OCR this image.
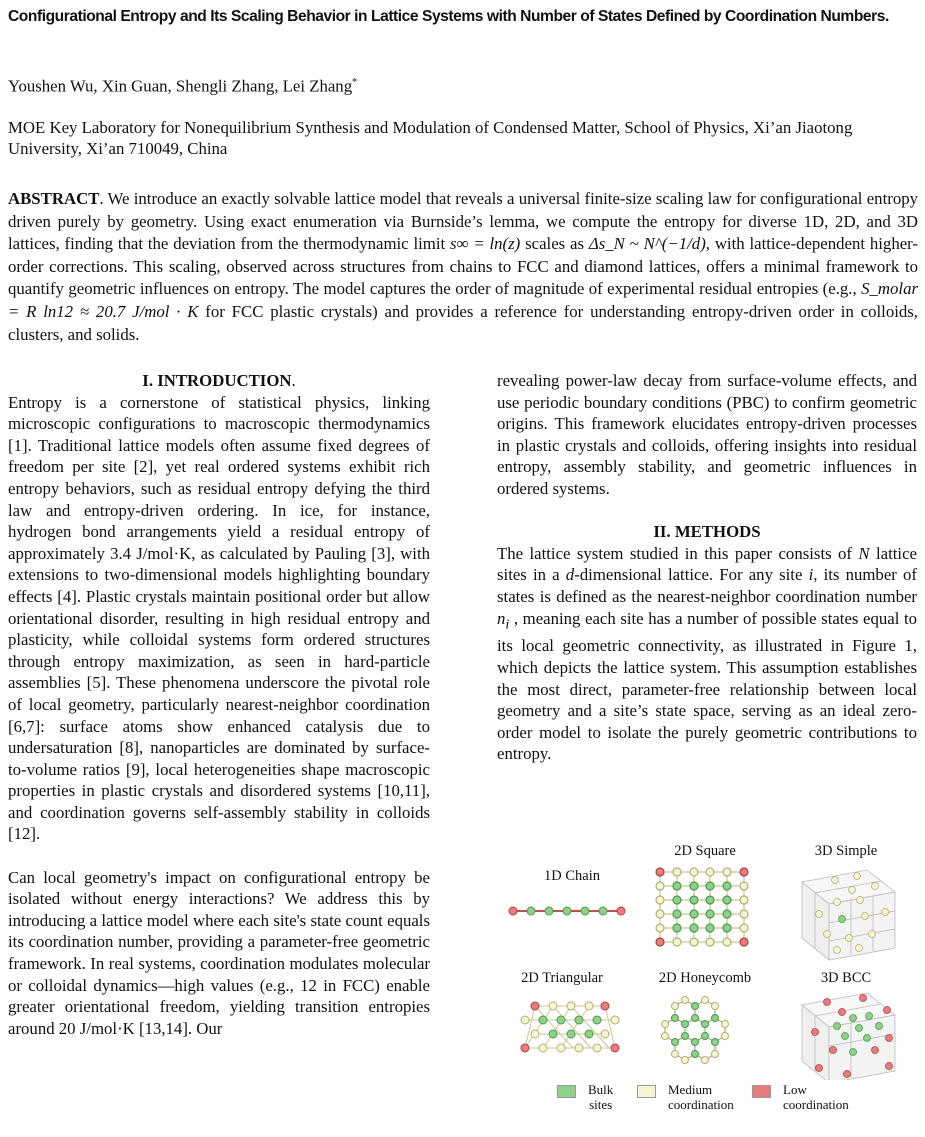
Configurational Entropy and Its Scaling Behavior in Lattice Systems with Number of States Defined by Coordination Numbers.
Youshen Wu, Xin Guan, Shengli Zhang, Lei Zhang*
MOE Key Laboratory for Nonequilibrium Synthesis and Modulation of Condensed Matter, School of Physics, Xi’an Jiaotong University, Xi’an 710049, China
ABSTRACT. We introduce an exactly solvable lattice model that reveals a universal finite-size scaling law for configurational entropy driven purely by geometry. Using exact enumeration via Burnside’s lemma, we compute the entropy for diverse 1D, 2D, and 3D lattices, finding that the deviation from the thermodynamic limit s∞ = ln(z) scales as Δs_N ~ N^(−1/d), with lattice-dependent higher-order corrections. This scaling, observed across structures from chains to FCC and diamond lattices, offers a minimal framework to quantify geometric influences on entropy. The model captures the order of magnitude of experimental residual entropies (e.g., S_molar = R ln12 ≈ 20.7 J/mol · K for FCC plastic crystals) and provides a reference for understanding entropy-driven order in colloids, clusters, and solids.
I. INTRODUCTION.

Entropy is a cornerstone of statistical physics, linking microscopic configurations to macroscopic thermodynamics [1]. Traditional lattice models often assume fixed degrees of freedom per site [2], yet real ordered systems exhibit rich entropy behaviors, such as residual entropy defying the third law and entropy-driven ordering. In ice, for instance, hydrogen bond arrangements yield a residual entropy of approximately 3.4 J/mol·K, as calculated by Pauling [3], with extensions to two-dimensional models highlighting boundary effects [4]. Plastic crystals maintain positional order but allow orientational disorder, resulting in high residual entropy and plasticity, while colloidal systems form ordered structures through entropy maximization, as seen in hard-particle assemblies [5]. These phenomena underscore the pivotal role of local geometry, particularly nearest-neighbor coordination [6,7]: surface atoms show enhanced catalysis due to undersaturation [8], nanoparticles are dominated by surface-to-volume ratios [9], local heterogeneities shape macroscopic properties in plastic crystals and disordered systems [10,11], and coordination governs self-assembly stability in colloids [12].

Can local geometry's impact on configurational entropy be isolated without energy interactions? We address this by introducing a lattice model where each site's state count equals its coordination number, providing a parameter-free geometric framework. In real systems, coordination modulates molecular or colloidal dynamics—high values (e.g., 12 in FCC) enable greater orientational freedom, yielding transition entropies around 20 J/mol·K [13,14]. Our

revealing power-law decay from surface-volume effects, and use periodic boundary conditions (PBC) to confirm geometric origins. This framework elucidates entropy-driven processes in plastic crystals and colloids, offering insights into residual entropy, assembly stability, and geometric influences in ordered systems.

II. METHODS

The lattice system studied in this paper consists of N lattice sites in a d-dimensional lattice. For any site i, its number of states is defined as the nearest-neighbor coordination number $n_i$ , meaning each site has a number of possible states equal to its local geometric connectivity, as illustrated in Figure 1, which depicts the lattice system. This assumption establishes the most direct, parameter-free relationship between local geometry and a site’s state space, serving as an ideal zero-order model to isolate the purely geometric contributions to entropy.

1D Chain
2D Square	3D Simple
2D Triangular	2D Honeycomb	3D BCC
Bulk
sites
Medium
coordination
Low
coordination
